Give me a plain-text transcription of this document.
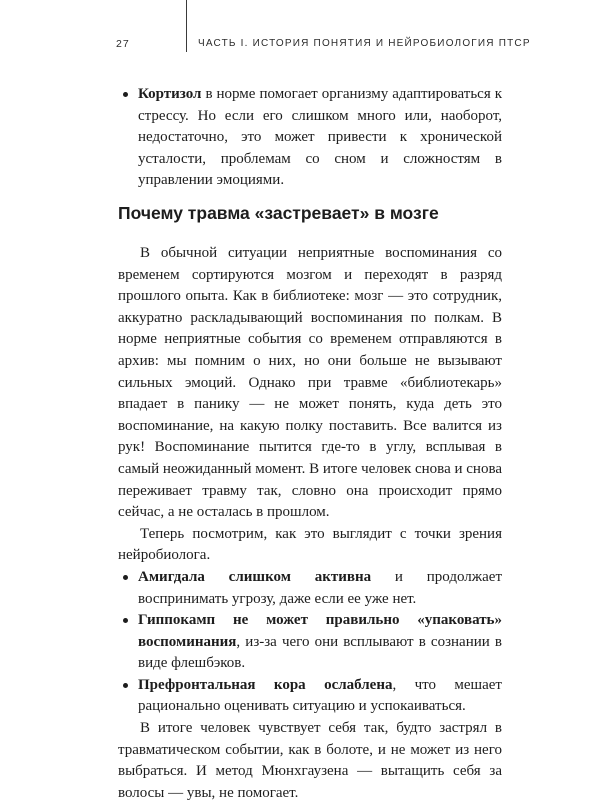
27	ЧАСТЬ I. ИСТОРИЯ ПОНЯТИЯ И НЕЙРОБИОЛОГИЯ ПТСР
Кортизол в норме помогает организму адаптироваться к стрессу. Но если его слишком много или, наоборот, недостаточно, это может привести к хронической усталости, проблемам со сном и сложностям в управлении эмоциями.
Почему травма «застревает» в мозге

В обычной ситуации неприятные воспоминания со временем сортируются мозгом и переходят в разряд прошлого опыта. Как в библиотеке: мозг — это сотрудник, аккуратно раскладывающий воспоминания по полкам. В норме неприятные события со временем отправляются в архив: мы помним о них, но они больше не вызывают сильных эмоций. Однако при травме «библиотекарь» впадает в панику — не может понять, куда деть это воспоминание, на какую полку поставить. Все валится из рук! Воспоминание пытится где-то в углу, всплывая в самый неожиданный момент. В итоге человек снова и снова переживает травму так, словно она происходит прямо сейчас, а не осталась в прошлом.

Теперь посмотрим, как это выглядит с точки зрения нейробиолога.

Амигдала слишком активна и продолжает воспринимать угрозу, даже если ее уже нет.
Гиппокамп не может правильно «упаковать» воспоминания, из-за чего они всплывают в сознании в виде флешбэков.
Префронтальная кора ослаблена, что мешает рационально оценивать ситуацию и успокаиваться.

В итоге человек чувствует себя так, будто застрял в травматическом событии, как в болоте, и не может из него выбраться. И метод Мюнхгаузена — вытащить себя за волосы — увы, не помогает.
